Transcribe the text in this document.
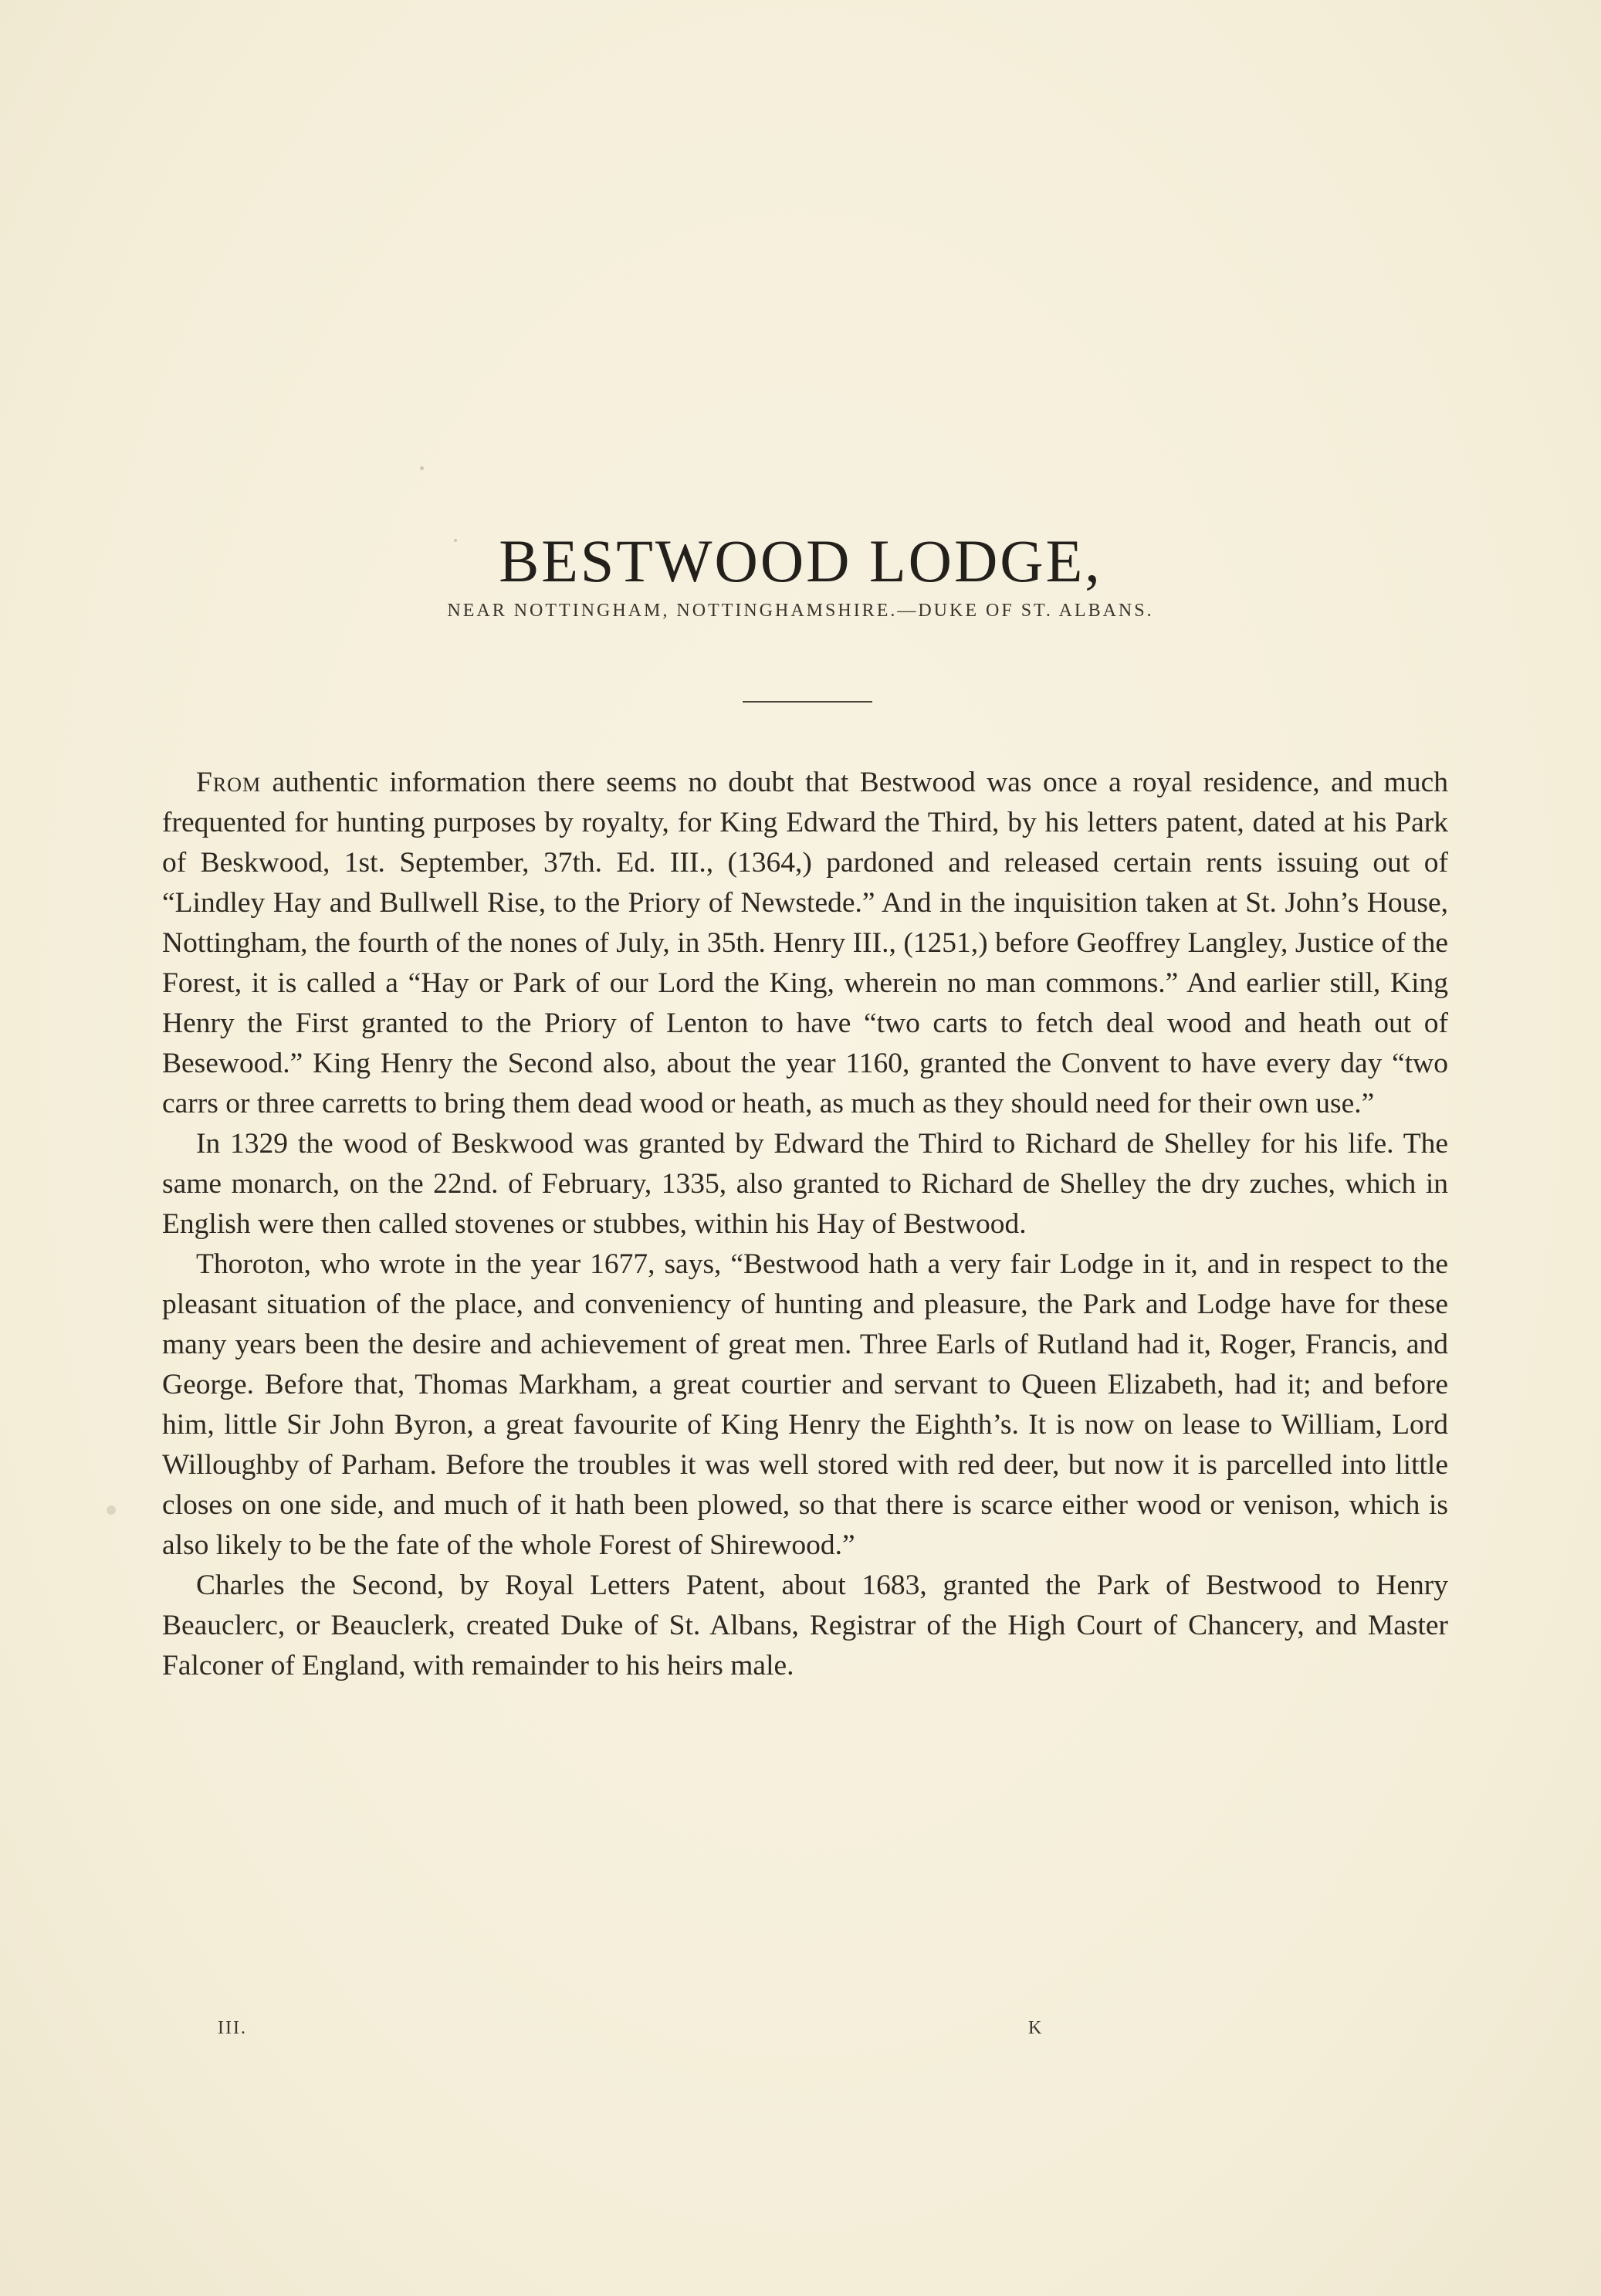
BESTWOOD LODGE,
NEAR NOTTINGHAM, NOTTINGHAMSHIRE.—DUKE OF ST. ALBANS.

From authentic information there seems no doubt that Bestwood was once a royal residence, and much frequented for hunting purposes by royalty, for King Edward the Third, by his letters patent, dated at his Park of Beskwood, 1st. September, 37th. Ed. III., (1364,) pardoned and released certain rents issuing out of “Lindley Hay and Bullwell Rise, to the Priory of Newstede.” And in the inquisition taken at St. John’s House, Nottingham, the fourth of the nones of July, in 35th. Henry III., (1251,) before Geoffrey Langley, Justice of the Forest, it is called a “Hay or Park of our Lord the King, wherein no man commons.” And earlier still, King Henry the First granted to the Priory of Lenton to have “two carts to fetch deal wood and heath out of Besewood.” King Henry the Second also, about the year 1160, granted the Convent to have every day “two carrs or three carretts to bring them dead wood or heath, as much as they should need for their own use.”

In 1329 the wood of Beskwood was granted by Edward the Third to Richard de Shelley for his life. The same monarch, on the 22nd. of February, 1335, also granted to Richard de Shelley the dry zuches, which in English were then called stovenes or stubbes, within his Hay of Bestwood.

Thoroton, who wrote in the year 1677, says, “Bestwood hath a very fair Lodge in it, and in respect to the pleasant situation of the place, and conveniency of hunting and pleasure, the Park and Lodge have for these many years been the desire and achievement of great men. Three Earls of Rutland had it, Roger, Francis, and George. Before that, Thomas Markham, a great courtier and servant to Queen Elizabeth, had it; and before him, little Sir John Byron, a great favourite of King Henry the Eighth’s. It is now on lease to William, Lord Willoughby of Parham. Before the troubles it was well stored with red deer, but now it is parcelled into little closes on one side, and much of it hath been plowed, so that there is scarce either wood or venison, which is also likely to be the fate of the whole Forest of Shirewood.”

Charles the Second, by Royal Letters Patent, about 1683, granted the Park of Bestwood to Henry Beauclerc, or Beauclerk, created Duke of St. Albans, Registrar of the High Court of Chancery, and Master Falconer of England, with remainder to his heirs male.

III.	K
